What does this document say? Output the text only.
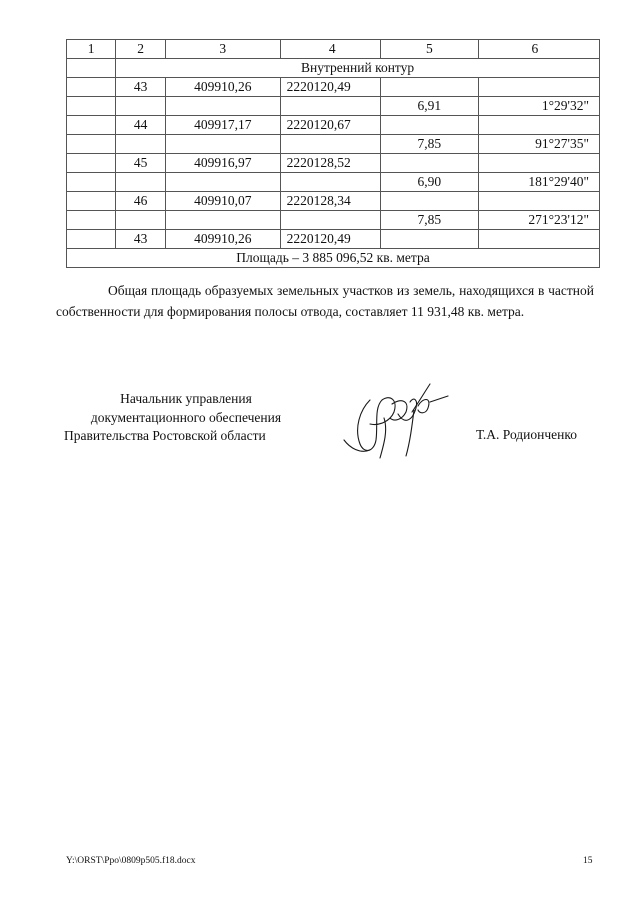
1	2	3	4	5	6
	Внутренний контур				
	43	409910,26	2220120,49		
				6,91	1°29'32"
	44	409917,17	2220120,67		
				7,85	91°27'35"
	45	409916,97	2220128,52		
				6,90	181°29'40"
	46	409910,07	2220128,34		
				7,85	271°23'12"
	43	409910,26	2220120,49		
Площадь – 3 885 096,52 кв. метра					

Общая площадь образуемых земельных участков из земель, находящихся в частной собственности для формирования полосы отвода, составляет 11 931,48 кв. метра.

Начальник управления
документационного обеспечения
Правительства Ростовской области	Т.А. Родионченко
Y:\ORST\Ppo\0809p505.f18.docx	15
